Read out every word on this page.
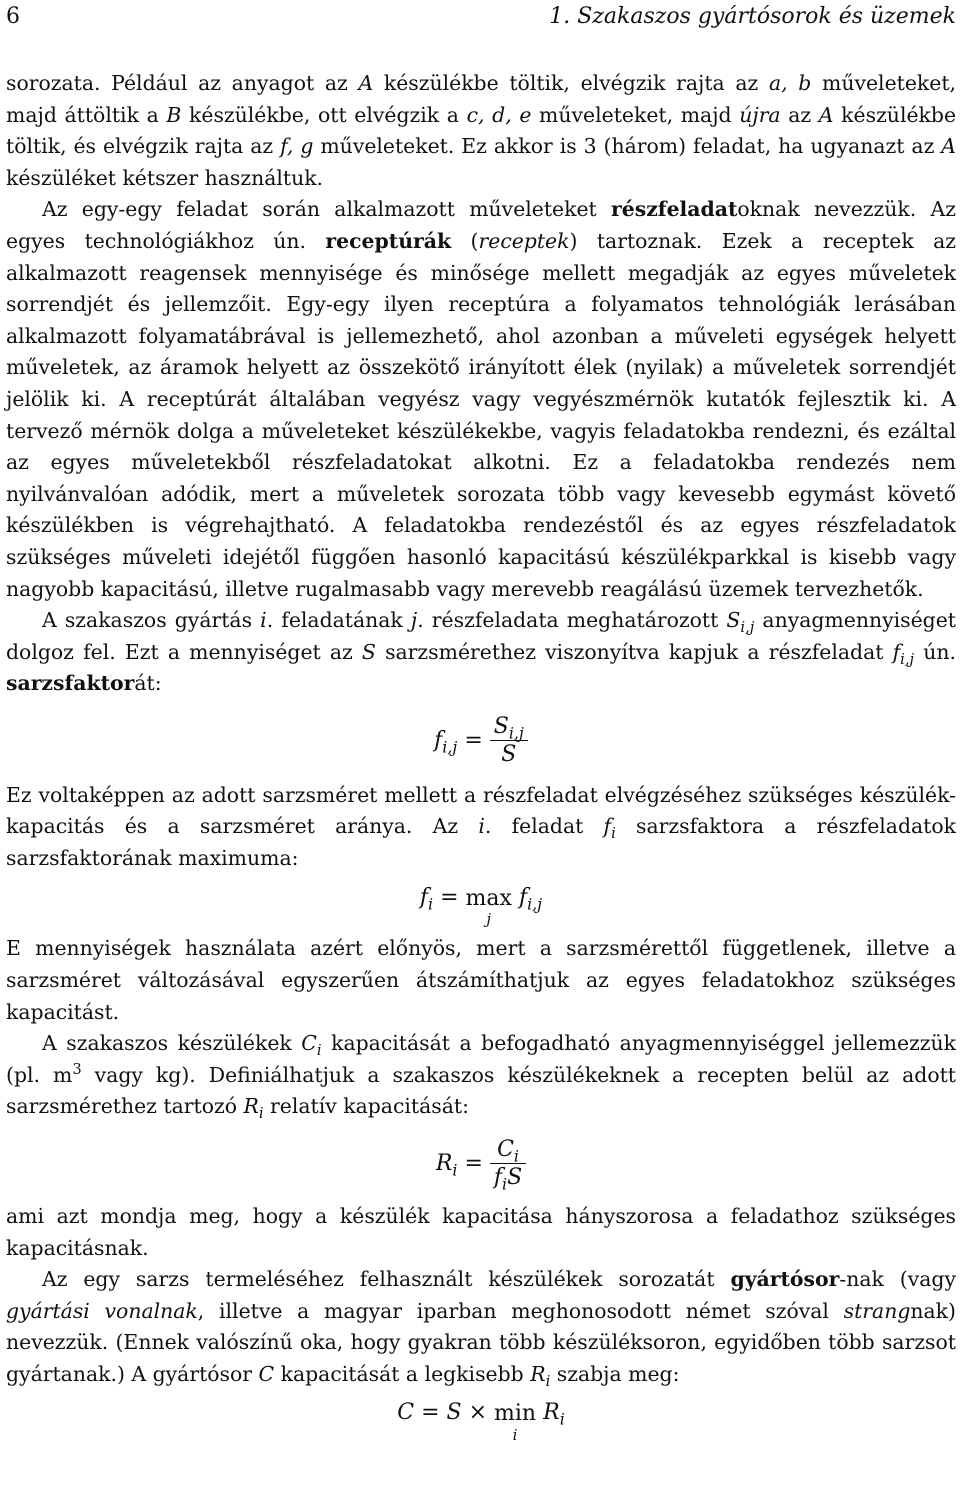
6	1. Szakaszos gyártósorok és üzemek

sorozata. Például az anyagot az A készülékbe töltik, elvégzik rajta az a, b műveleteket, majd áttöltik a B készülékbe, ott elvégzik a c, d, e műveleteket, majd újra az A készülékbe töltik, és elvégzik rajta az f, g műveleteket. Ez akkor is 3 (három) feladat, ha ugyanazt az A készüléket kétszer használtuk.

Az egy-egy feladat során alkalmazott műveleteket részfeladatoknak nevezzük. Az egyes technológiákhoz ún. receptúrák (receptek) tartoznak. Ezek a receptek az alkalmazott reagensek mennyisége és minősége mellett megadják az egyes műveletek sorrendjét és jellemzőit. Egy-egy ilyen receptúra a folyamatos tehnológiák lerásában alkalmazott folyamatábrával is jellemezhető, ahol azonban a műveleti egységek helyett műveletek, az áramok helyett az összekötő irányított élek (nyilak) a műveletek sorrendjét jelölik ki. A receptúrát általában vegyész vagy vegyészmérnök kutatók fejlesztik ki. A tervező mérnök dolga a műveleteket készülékekbe, vagyis feladatokba rendezni, és ezáltal az egyes műveletekből részfeladatokat alkotni. Ez a feladatokba rendezés nem nyilvánvalóan adódik, mert a műveletek sorozata több vagy kevesebb egymást követő készülékben is végrehajtható. A feladatokba rendezéstől és az egyes részfeladatok szükséges műveleti idejétől függően hasonló kapacitású készülékparkkal is kisebb vagy nagyobb kapacitású, illetve rugalmasabb vagy merevebb reagálású üzemek tervezhetők.

A szakaszos gyártás i. feladatának j. részfeladata meghatározott $S_{i,j}$ anyagmennyiséget dolgoz fel. Ezt a mennyiséget az S sarzsmérethez viszonyítva kapjuk a részfeladat $f_{i,j}$ ún. sarzsfaktorát:

$f_{i,j} = \frac{S_{i,j}}{S}$

Ez voltaképpen az adott sarzsméret mellett a részfeladat elvégzéséhez szükséges készülék-kapacitás és a sarzsméret aránya. Az i. feladat $f_i$ sarzsfaktora a részfeladatok sarzsfaktorának maximuma:

$f_i = \max$
j
$f_{i,j}$

E mennyiségek használata azért előnyös, mert a sarzsmérettől függetlenek, illetve a sarzsméret változásával egyszerűen átszámíthatjuk az egyes feladatokhoz szükséges kapacitást.

A szakaszos készülékek $C_i$ kapacitását a befogadható anyagmennyiséggel jellemezzük (pl. $m^3$ vagy kg). Definiálhatjuk a szakaszos készülékeknek a recepten belül az adott sarzsmérethez tartozó $R_i$ relatív kapacitását:

$R_i = \frac{C_i}{f_iS}$

ami azt mondja meg, hogy a készülék kapacitása hányszorosa a feladathoz szükséges kapacitásnak.

Az egy sarzs termeléséhez felhasznált készülékek sorozatát gyártósor-nak (vagy gyártási vonalnak, illetve a magyar iparban meghonosodott német szóval strangnak) nevezzük. (Ennek valószínű oka, hogy gyakran több készüléksoron, egyidőben több sarzsot gyártanak.) A gyártósor C kapacitását a legkisebb $R_i$ szabja meg:

C = S × min
i
$R_i$
